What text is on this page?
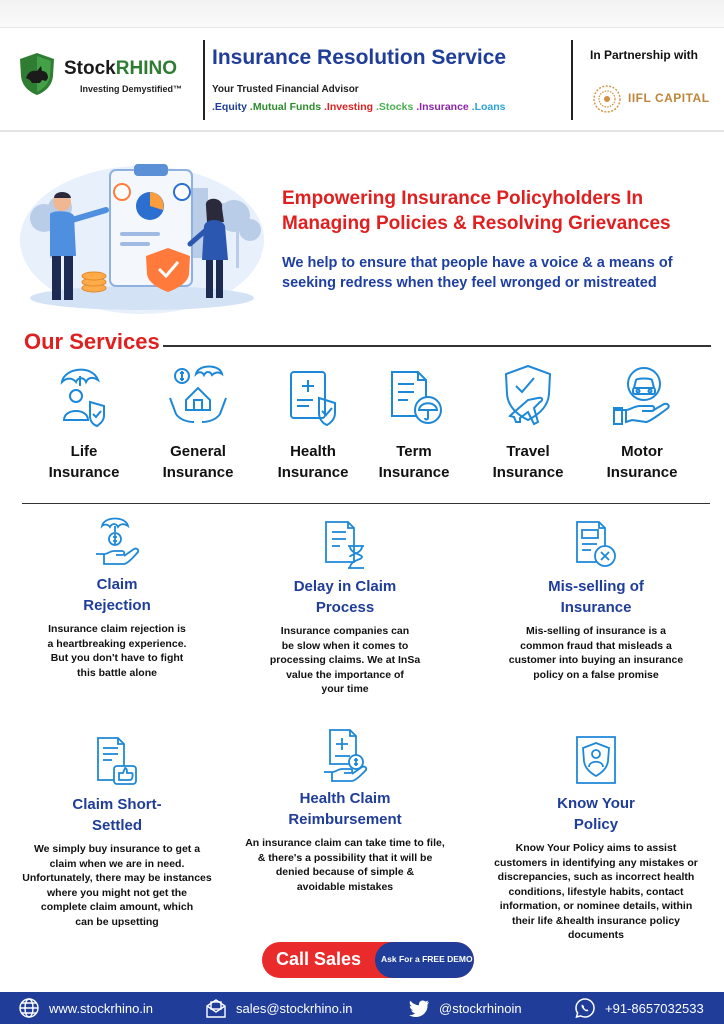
StockRHINO
Investing Demystified™
Insurance Resolution Service
Your Trusted Financial Advisor
.Equity .Mutual Funds .Investing .Stocks .Insurance .Loans
In Partnership with
IIFL CAPITAL
Empowering Insurance Policyholders In Managing Policies & Resolving Grievances
We help to ensure that people have a voice & a means of seeking redress when they feel wronged or mistreated
Our Services
Life
Insurance
General
Insurance
Health
Insurance
Term
Insurance
Travel
Insurance
Motor
Insurance
Claim
Rejection
Insurance claim rejection is
a heartbreaking experience.
But you don't have to fight
this battle alone
Delay in Claim
Process
Insurance companies can
be slow when it comes to
processing claims. We at InSa
value the importance of
your time
Mis-selling of
Insurance
Mis-selling of insurance is a
common fraud that misleads a
customer into buying an insurance
policy on a false promise
Claim Short-
Settled
We simply buy insurance to get a
claim when we are in need.
Unfortunately, there may be instances
where you might not get the
complete claim amount, which
can be upsetting
Health Claim
Reimbursement
An insurance claim can take time to file,
& there's a possibility that it will be
denied because of simple &
avoidable mistakes
Know Your
Policy
Know Your Policy aims to assist
customers in identifying any mistakes or
discrepancies, such as incorrect health
conditions, lifestyle habits, contact
information, or nominee details, within
their life &health insurance policy
documents
Call Sales Ask For a FREE DEMO
www.stockrhino.in	sales@stockrhino.in	@stockrhinoin	+91-8657032533
